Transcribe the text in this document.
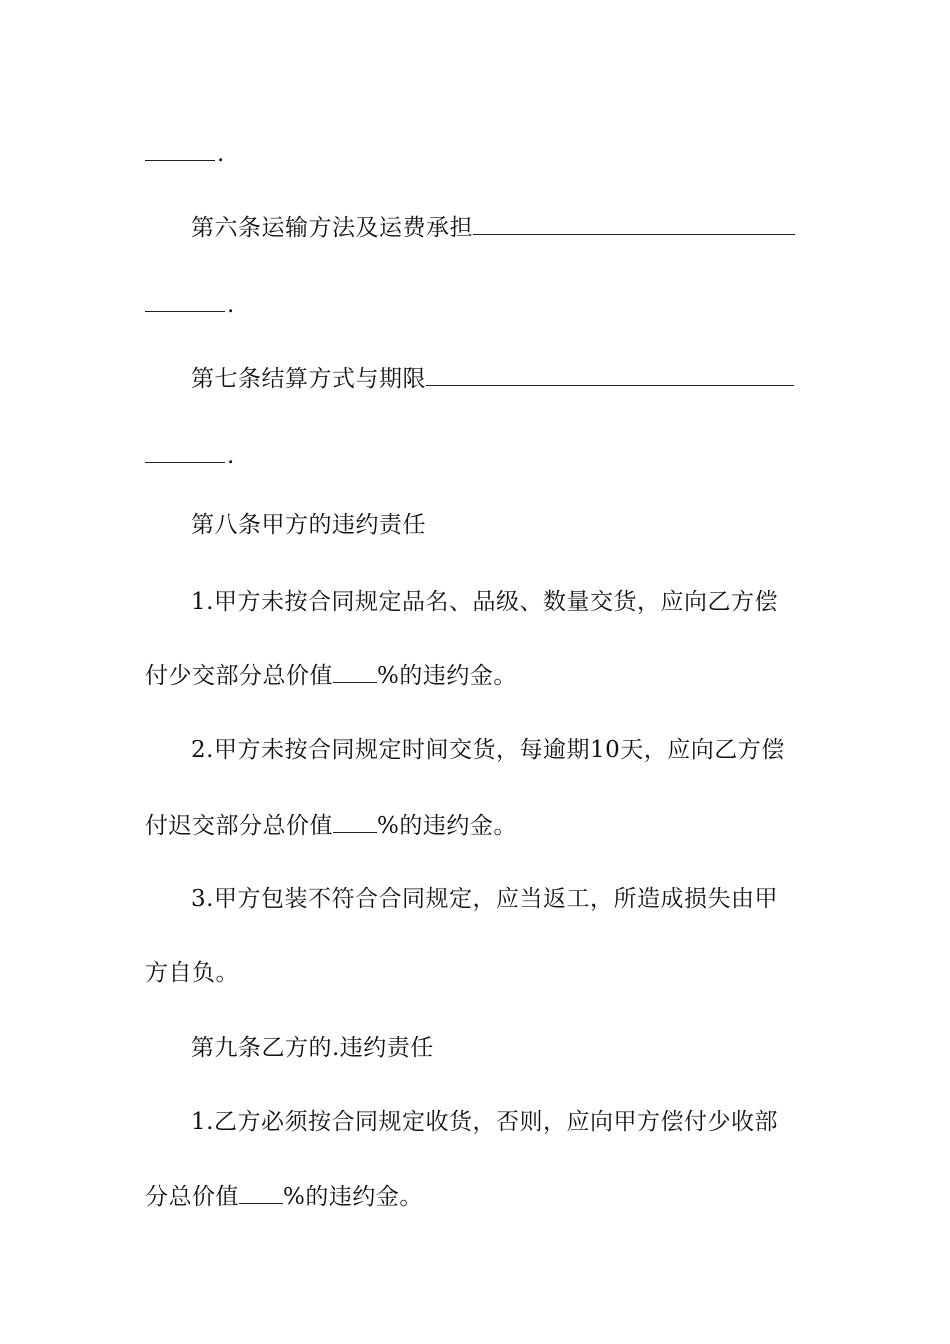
.
第六条运输方法及运费承担
.
第七条结算方式与期限
.
第八条甲方的违约责任
1.甲方未按合同规定品名、品级、数量交货，应向乙方偿
付少交部分总价值 %的违约金。
2.甲方未按合同规定时间交货，每逾期10天，应向乙方偿
付迟交部分总价值 %的违约金。
3.甲方包装不符合合同规定，应当返工，所造成损失由甲
方自负。
第九条乙方的.违约责任
1.乙方必须按合同规定收货，否则，应向甲方偿付少收部
分总价值 %的违约金。
